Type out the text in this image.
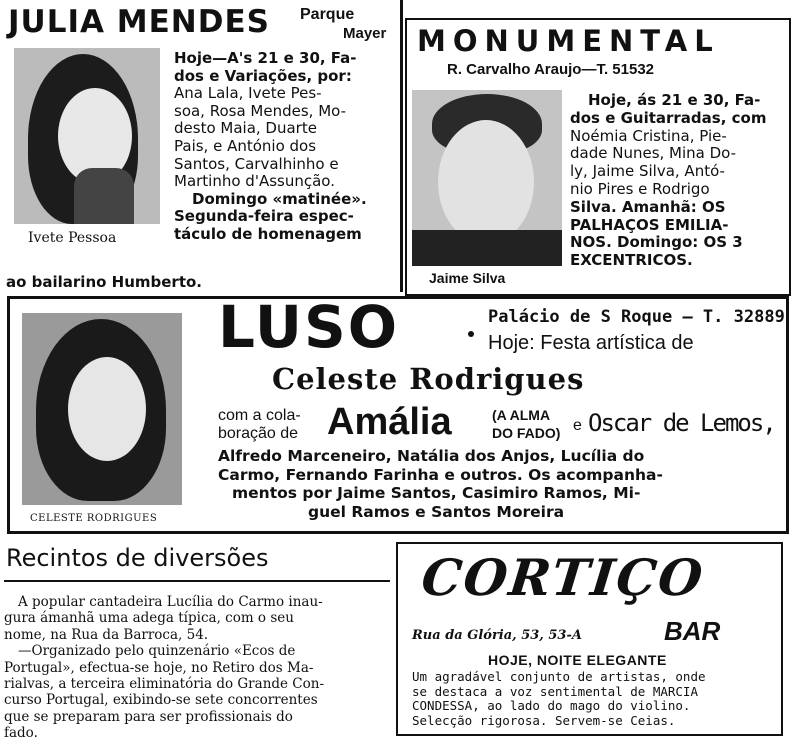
JULIA MENDES Parque
Mayer
Ivete Pessoa
Hoje—A's 21 e 30, Fa-
dos e Variações, por:
Ana Lala, Ivete Pes-
soa, Rosa Mendes, Mo-
desto Maia, Duarte
Pais, e António dos
Santos, Carvalhinho e
Martinho d'Assunção.
Domingo «matinée».
Segunda-feira espec-
táculo de homenagem
ao bailarino Humberto.
MONUMENTAL
R. Carvalho Araujo—T. 51532
Jaime Silva
Hoje, ás 21 e 30, Fa-
dos e Guitarradas, com
Noémia Cristina, Pie-
dade Nunes, Mina Do-
ly, Jaime Silva, Antó-
nio Pires e Rodrigo
Silva. Amanhã: OS
PALHAÇOS EMILIA-
NOS. Domingo: OS 3
EXCENTRICOS.
CELESTE RODRIGUES
LUSO	Palácio de S Roque — T. 32889
Hoje: Festa artística de
Celeste Rodrigues
com a cola-
boração de Amália	(A ALMA
DO FADO) e Oscar de Lemos,
Alfredo Marceneiro, Natália dos Anjos, Lucília do
Carmo, Fernando Farinha e outros. Os acompanha-
mentos por Jaime Santos, Casimiro Ramos, Mi-
guel Ramos e Santos Moreira
Recintos de diversões
A popular cantadeira Lucília do Carmo inau-
gura ámanhã uma adega típica, com o seu
nome, na Rua da Barroca, 54.
—Organizado pelo quinzenário «Ecos de
Portugal», efectua-se hoje, no Retiro dos Ma-
rialvas, a terceira eliminatória do Grande Con-
curso Portugal, exibindo-se sete concorrentes
que se preparam para ser profissionais do
fado.
CORTIÇO
Rua da Glória, 53, 53-A	BAR
HOJE, NOITE ELEGANTE
Um agradável conjunto de artistas, onde
se destaca a voz sentimental de MARCIA
CONDESSA, ao lado do mago do violino.
Selecção rigorosa. Servem-se Ceias.
